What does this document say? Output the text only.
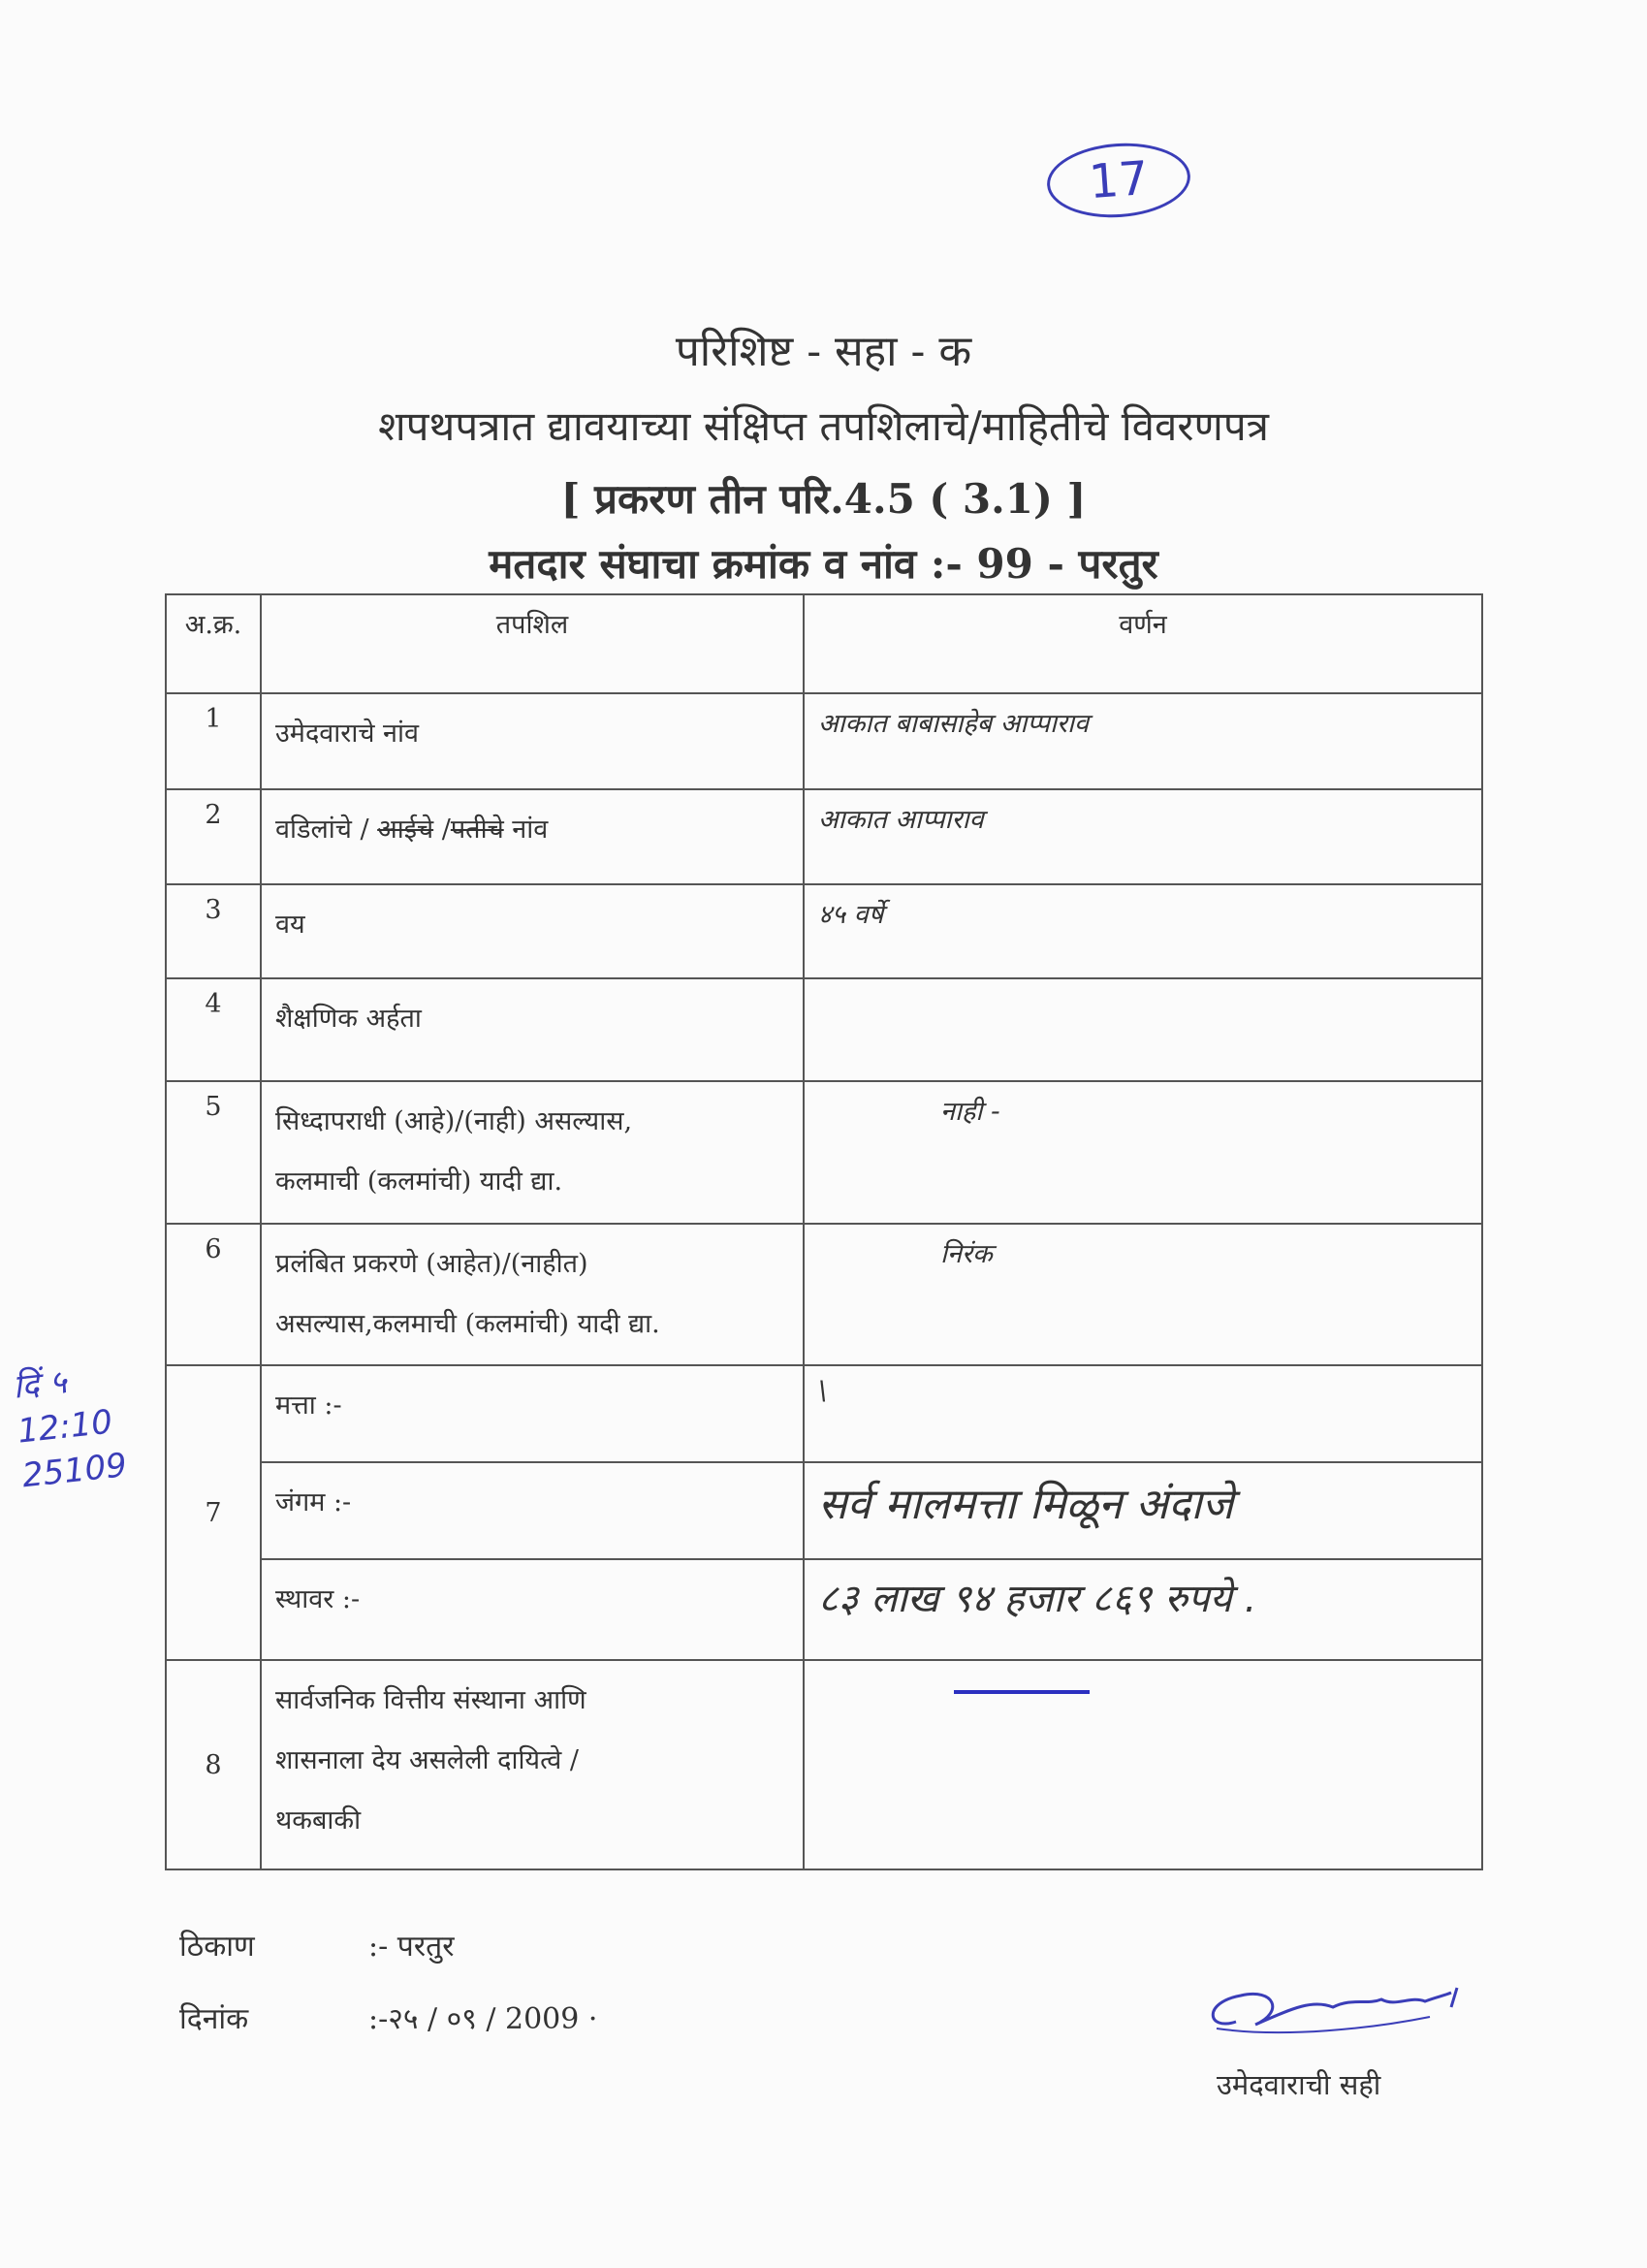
17
परिशिष्ट - सहा - क
शपथपत्रात द्यावयाच्या संक्षिप्त तपशिलाचे/माहितीचे विवरणपत्र
[ प्रकरण तीन परि.4.5 ( 3.1) ]
मतदार संघाचा क्रमांक व नांव :- 99 - परतुर
अ.क्र.	तपशिल	वर्णन
1	उमेदवाराचे नांव	आकात बाबासाहेब आप्पाराव
2	वडिलांचे / आईचे /पतीचे नांव	आकात आप्पाराव
3	वय	४५ वर्षे
4	शैक्षणिक अर्हता	
5	सिध्दापराधी (आहे)/(नाही) असल्यास,
कलमाची (कलमांची) यादी द्या.	नाही -
6	प्रलंबित प्रकरणे (आहेत)/(नाहीत)
असल्यास,कलमाची (कलमांची) यादी द्या.	निरंक
7	मत्ता :-	\
	जंगम :-	सर्व मालमत्ता मिळून अंदाजे
	स्थावर :-	८३ लाख ९४ हजार ८६९ रुपये .
8	सार्वजनिक वित्तीय संस्थाना आणि
शासनाला देय असलेली दायित्वे /
थकबाकी	
ठिकाण	:- परतुर
दिनांक	:-२५ / ०९ / 2009 ·
उमेदवाराची सही
दिं ५
12:10
25109
